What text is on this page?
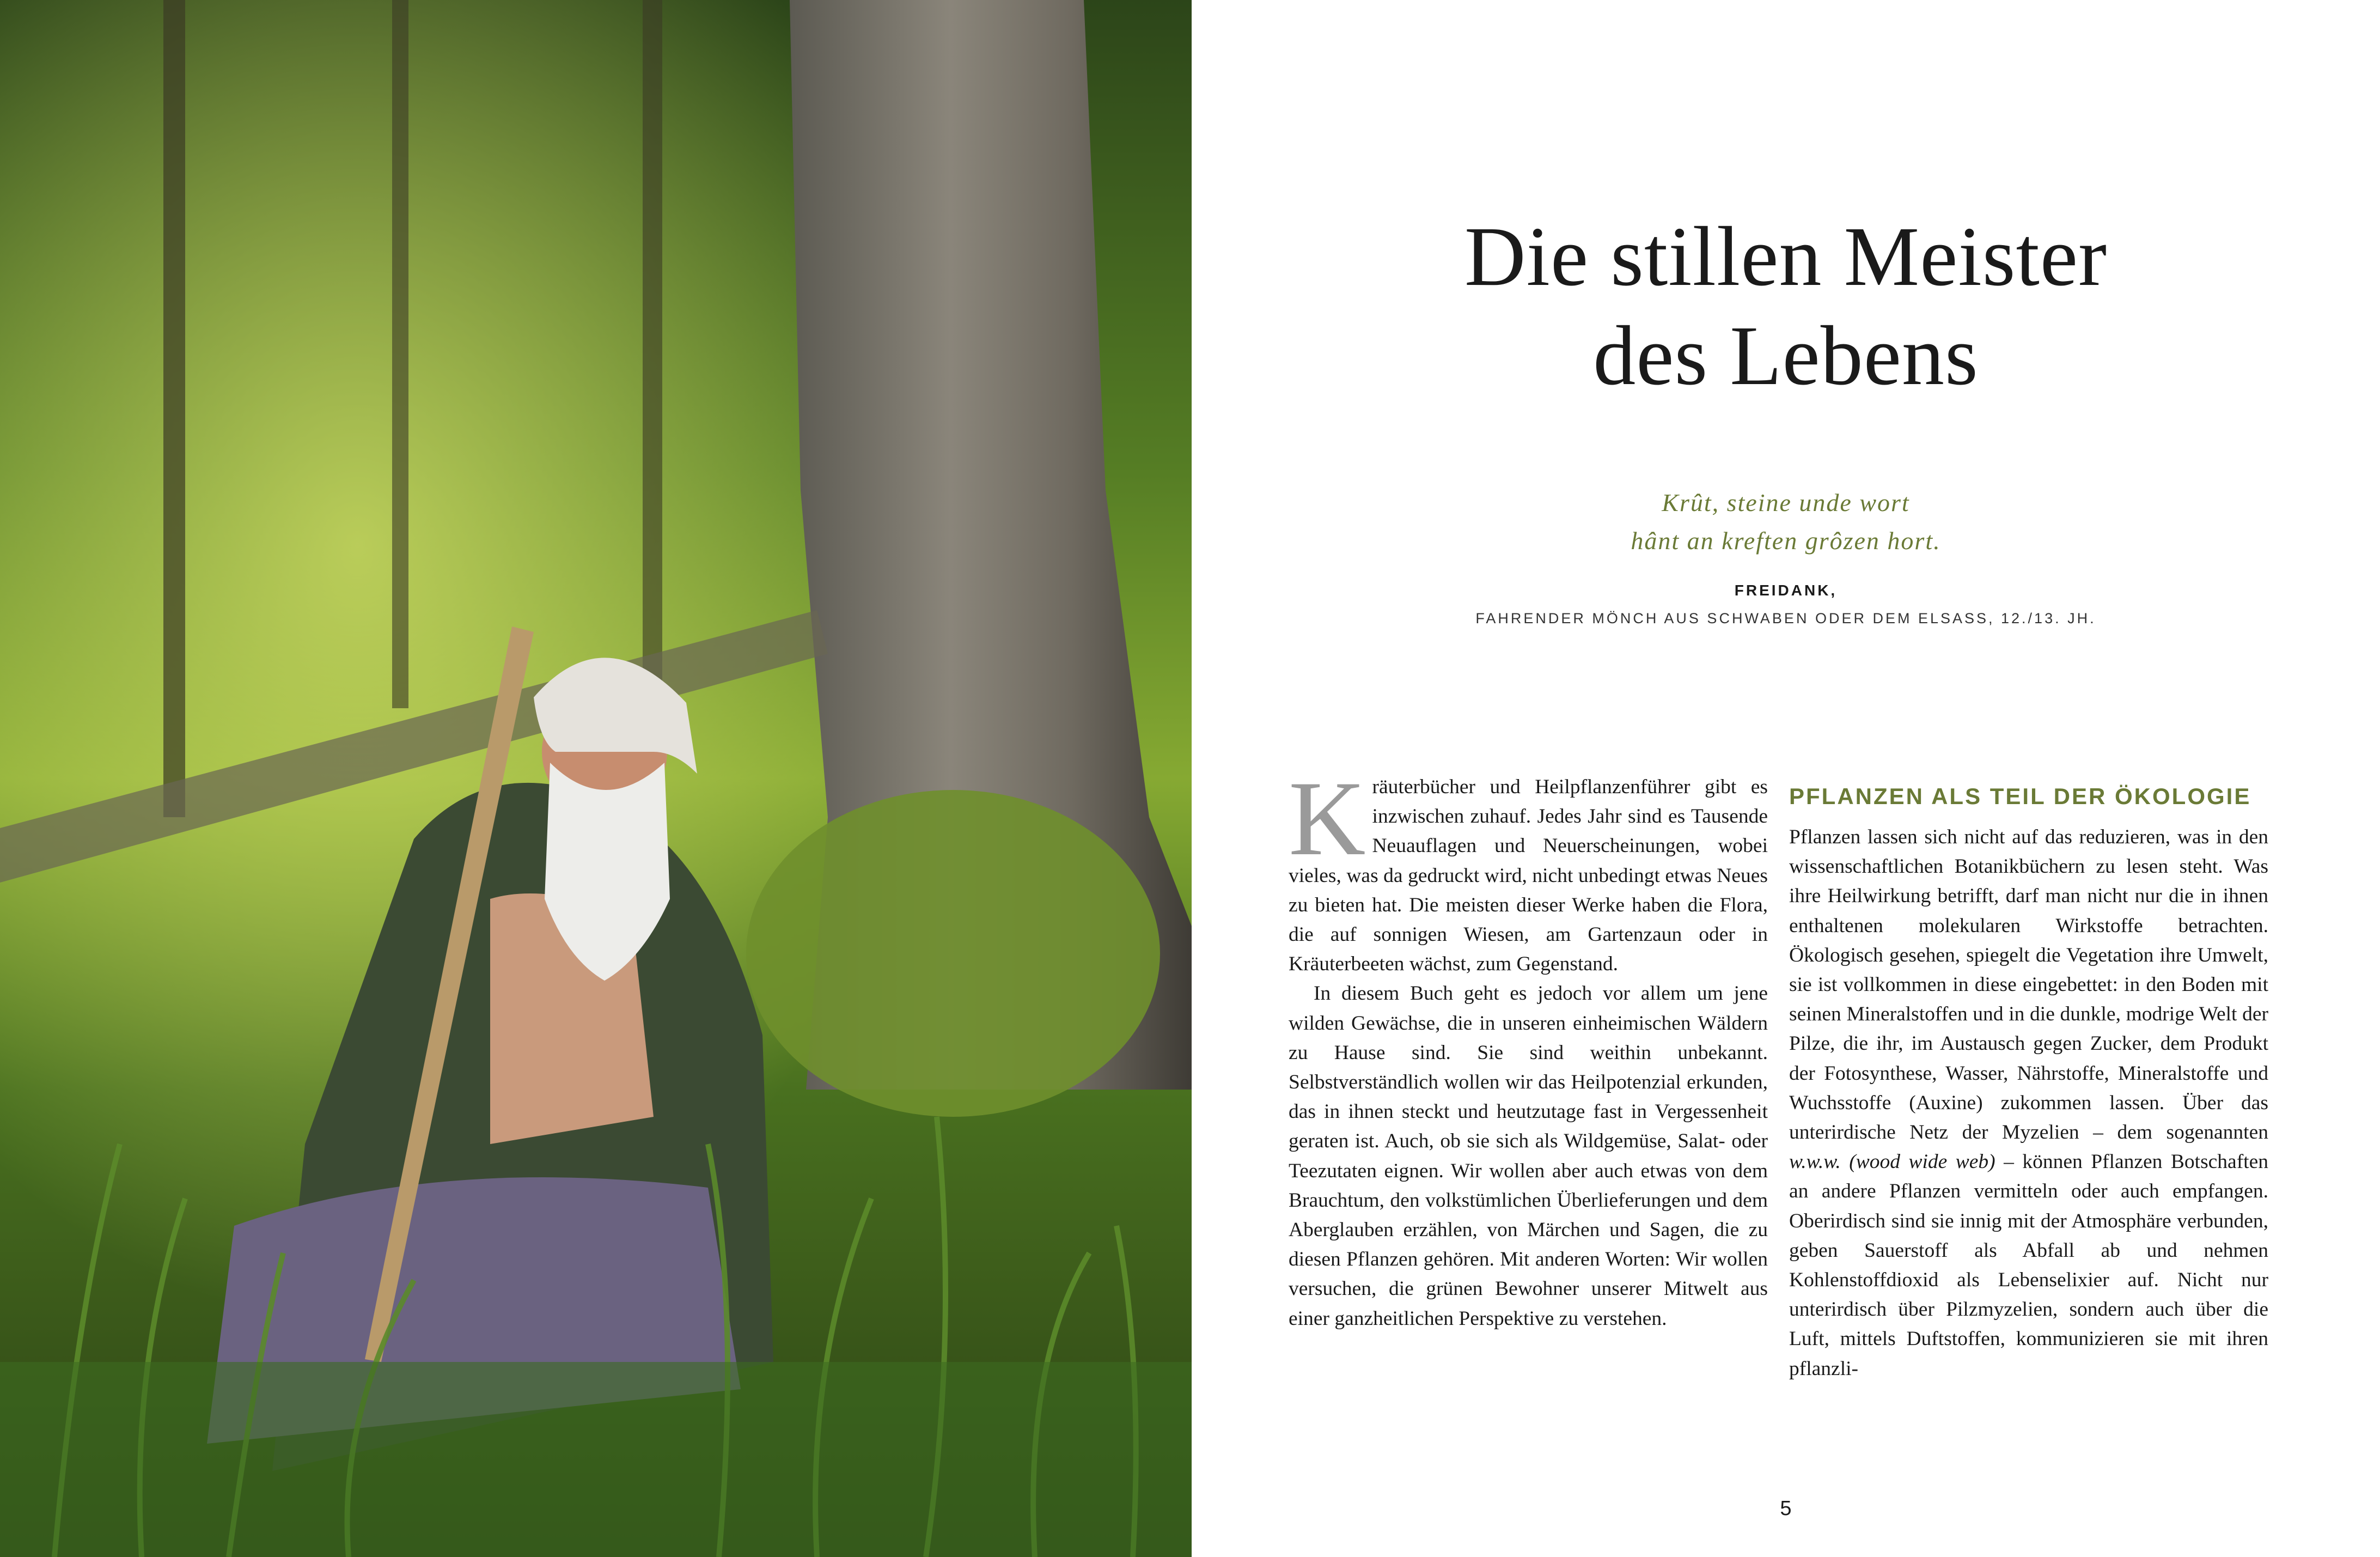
Die stillen Meister
des Lebens
Krût, steine unde wort
hânt an kreften grôzen hort.
FREIDANK,
FAHRENDER MÖNCH AUS SCHWABEN ODER DEM ELSASS, 12./13. JH.

Kräuterbücher und Heilpflanzenführer gibt es inzwischen zuhauf. Jedes Jahr sind es Tausende Neuauflagen und Neuerscheinungen, wobei vieles, was da gedruckt wird, nicht unbedingt etwas Neues zu bieten hat. Die meisten dieser Werke haben die Flora, die auf sonnigen Wiesen, am Gartenzaun oder in Kräuterbeeten wächst, zum Gegenstand.

In diesem Buch geht es jedoch vor allem um jene wilden Gewächse, die in unseren einheimischen Wäldern zu Hause sind. Sie sind weithin unbekannt. Selbstverständlich wollen wir das Heilpotenzial erkunden, das in ihnen steckt und heutzutage fast in Vergessenheit geraten ist. Auch, ob sie sich als Wildgemüse, Salat- oder Teezutaten eignen. Wir wollen aber auch etwas von dem Brauchtum, den volkstümlichen Überlieferungen und dem Aberglauben erzählen, von Märchen und Sagen, die zu diesen Pflanzen gehören. Mit anderen Worten: Wir wollen versuchen, die grünen Bewohner unserer Mitwelt aus einer ganzheitlichen Perspektive zu verstehen.

PFLANZEN ALS TEIL DER ÖKOLOGIE

Pflanzen lassen sich nicht auf das reduzieren, was in den wissenschaftlichen Botanikbüchern zu lesen steht. Was ihre Heilwirkung betrifft, darf man nicht nur die in ihnen enthaltenen molekularen Wirkstoffe betrachten. Ökologisch gesehen, spiegelt die Vegetation ihre Umwelt, sie ist vollkommen in diese eingebettet: in den Boden mit seinen Mineralstoffen und in die dunkle, modrige Welt der Pilze, die ihr, im Austausch gegen Zucker, dem Produkt der Fotosynthese, Wasser, Nährstoffe, Mineralstoffe und Wuchsstoffe (Auxine) zukommen lassen. Über das unterirdische Netz der Myzelien – dem sogenannten w.w.w. (wood wide web) – können Pflanzen Botschaften an andere Pflanzen vermitteln oder auch empfangen. Oberirdisch sind sie innig mit der Atmosphäre verbunden, geben Sauerstoff als Abfall ab und nehmen Kohlenstoffdioxid als Lebenselixier auf. Nicht nur unterirdisch über Pilzmyzelien, sondern auch über die Luft, mittels Duftstoffen, kommunizieren sie mit ihren pflanzli-

5
